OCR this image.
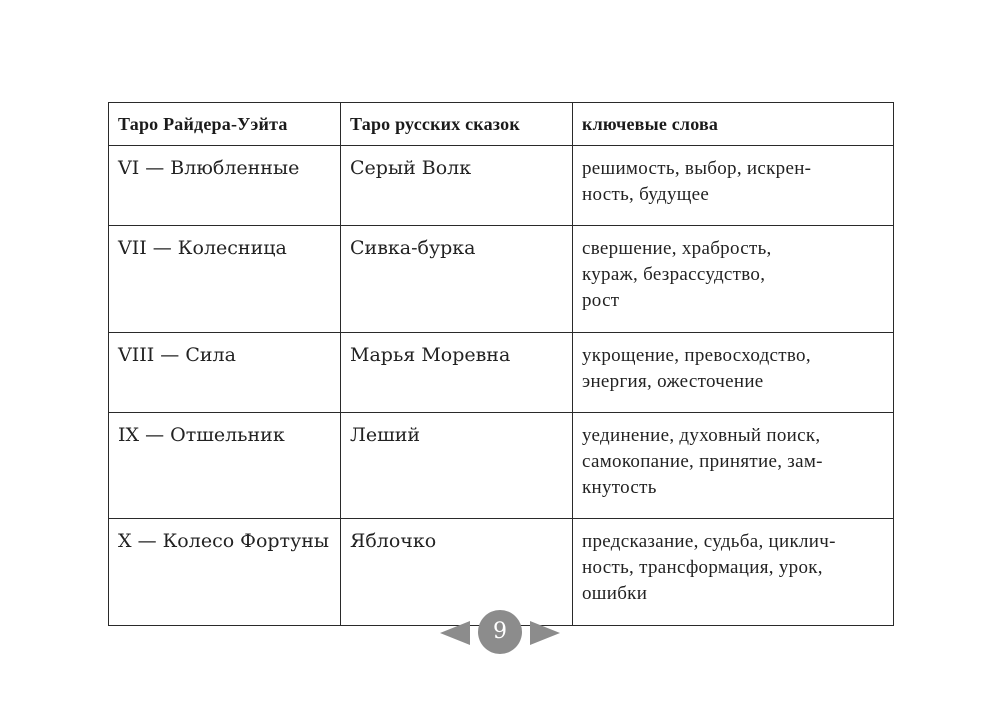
Таро Райдера-Уэйта	Таро русских сказок	ключевые слова
VI — Влюбленные	Серый Волк	решимость, выбор, искрен-
ность, будущее

VII — Колесница	Сивка-бурка	свершение, храбрость,
кураж, безрассудство,
рост

VIII — Сила	Марья Моревна	укрощение, превосходство,
энергия, ожесточение

IX — Отшельник	Леший	уединение, духовный поиск,
самокопание, принятие, зам-
кнутость

X — Колесо Фортуны	Яблочко	предсказание, судьба, циклич-
ность, трансформация, урок,
ошибки
9
